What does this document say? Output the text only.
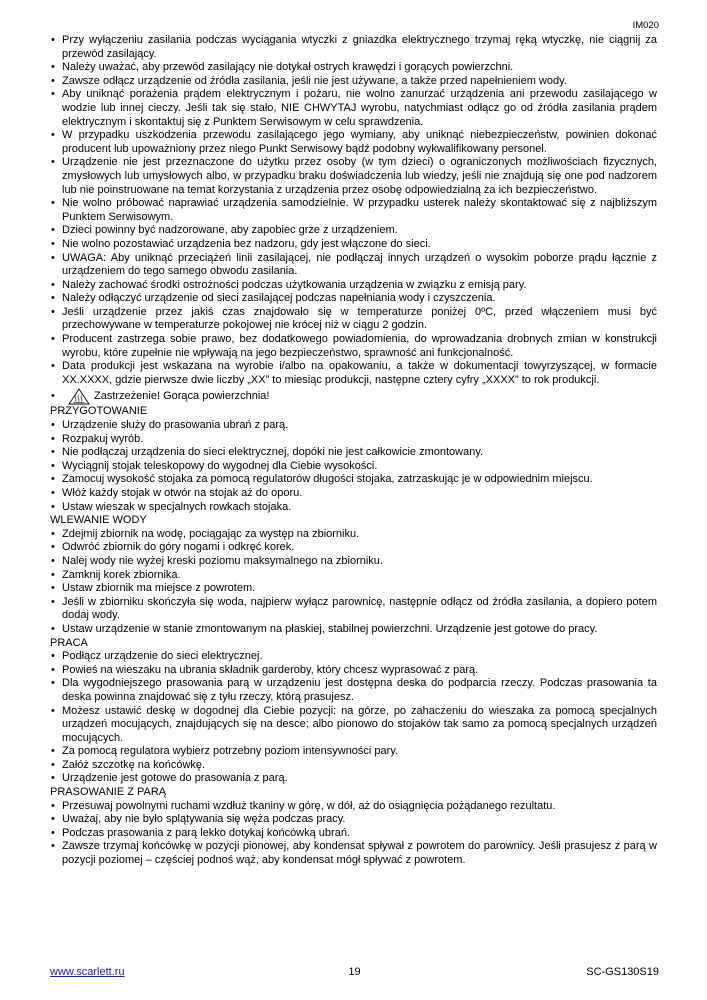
IM020
• Przy wyłączeniu zasilania podczas wyciągania wtyczki z gniazdka elektrycznego trzymaj ręką wtyczkę, nie ciągnij za przewód zasilający.
• Należy uważać, aby przewód zasilający nie dotykał ostrych krawędzi i gorących powierzchni.
• Zawsze odłącz urządzenie od źródła zasilania, jeśli nie jest używane, a także przed napełnieniem wody.
• Aby uniknąć porażenia prądem elektrycznym i pożaru, nie wolno zanurzać urządzenia ani przewodu zasilającego w wodzie lub innej cieczy. Jeśli tak się stało, NIE CHWYTAJ wyrobu, natychmiast odłącz go od źródła zasilania prądem elektrycznym i skontaktuj się z Punktem Serwisowym w celu sprawdzenia.
• W przypadku uszkodzenia przewodu zasilającego jego wymiany, aby uniknąć niebezpieczeństw, powinien dokonać producent lub upoważniony przez niego Punkt Serwisowy bądź podobny wykwalifikowany personel.
• Urządzenie nie jest przeznaczone do użytku przez osoby (w tym dzieci) o ograniczonych możliwościach fizycznych, zmysłowych lub umysłowych albo, w przypadku braku doświadczenia lub wiedzy, jeśli nie znajdują się one pod nadzorem lub nie poinstruowane na temat korzystania z urządzenia przez osobę odpowiedzialną za ich bezpieczeństwo.
• Nie wolno próbować naprawiać urządzenia samodzielnie. W przypadku usterek należy skontaktować się z najbliższym Punktem Serwisowym.
• Dzieci powinny być nadzorowane, aby zapobiec grze z urządzeniem.
• Nie wolno pozostawiać urządzenia bez nadzoru, gdy jest włączone do sieci.
• UWAGA: Aby uniknąć przeciążeń linii zasilającej, nie podłączaj innych urządzeń o wysokim poborze prądu łącznie z urządzeniem do tego samego obwodu zasilania.
• Należy zachować środki ostrożności podczas użytkowania urządzenia w związku z emisją pary.
• Należy odłączyć urządzenie od sieci zasilającej podczas napełniania wody i czyszczenia.
• Jeśli urządzenie przez jakiś czas znajdowało się w temperaturze poniżej 0ºC, przed włączeniem musi być przechowywane w temperaturze pokojowej nie krócej niż w ciągu 2 godzin.
• Producent zastrzega sobie prawo, bez dodatkowego powiadomienia, do wprowadzania drobnych zmian w konstrukcji wyrobu, które zupełnie nie wpływają na jego bezpieczeństwo, sprawność ani funkcjonalność.
• Data produkcji jest wskazana na wyrobie i/albo na opakowaniu, a także w dokumentacji towyrzyszącej, w formacie XX.XXXX, gdzie pierwsze dwie liczby „XX” to miesiąc produkcji, następne cztery cyfry „XXXX” to rok produkcji.
• Zastrzeżenie! Gorąca powierzchnia!
PRZYGOTOWANIE
• Urządzenie służy do prasowania ubrań z parą.
• Rozpakuj wyrób.
• Nie podłączaj urządzenia do sieci elektrycznej, dopóki nie jest całkowicie zmontowany.
• Wyciągnij stojak teleskopowy do wygodnej dla Ciebie wysokości.
• Zamocuj wysokość stojaka za pomocą regulatorów długości stojaka, zatrzaskując je w odpowiednim miejscu.
• Włóż każdy stojak w otwór na stojak aż do oporu.
• Ustaw wieszak w specjalnych rowkach stojaka.
WLEWANIE WODY
• Zdejmij zbiornik na wodę, pociągając za występ na zbiorniku.
• Odwróć zbiornik do góry nogami i odkręć korek.
• Nalej wody nie wyżej kreski poziomu maksymalnego na zbiorniku.
• Zamknij korek zbiornika.
• Ustaw zbiornik ma miejsce z powrotem.
• Jeśli w zbiorniku skończyła się woda, najpierw wyłącz parownicę, następnie odłącz od źródła zasilania, a dopiero potem dodaj wody.
• Ustaw urządzenie w stanie zmontowanym na płaskiej, stabilnej powierzchni. Urządzenie jest gotowe do pracy.
PRACA
• Podłącz urządzenie do sieci elektrycznej.
• Powieś na wieszaku na ubrania składnik garderoby, który chcesz wyprasować z parą.
• Dla wygodniejszego prasowania parą w urządzeniu jest dostępna deska do podparcia rzeczy. Podczas prasowania ta deska powinna znajdować się z tyłu rzeczy, którą prasujesz.
• Możesz ustawić deskę w dogodnej dla Ciebie pozycji: na górze, po zahaczeniu do wieszaka za pomocą specjalnych urządzeń mocujących, znajdujących się na desce; albo pionowo do stojaków tak samo za pomocą specjalnych urządzeń mocujących.
• Za pomocą regulatora wybierz potrzebny poziom intensywności pary.
• Załóż szczotkę na końcówkę.
• Urządzenie jest gotowe do prasowania z parą.
PRASOWANIE Z PARĄ
• Przesuwaj powolnymi ruchami wzdłuż tkaniny w górę, w dół, aż do osiągnięcia pożądanego rezultatu.
• Uważaj, aby nie było splątywania się węża podczas pracy.
• Podczas prasowania z parą lekko dotykaj końcówką ubrań.
• Zawsze trzymaj końcówkę w pozycji pionowej, aby kondensat spływał z powrotem do parownicy. Jeśli prasujesz z parą w pozycji poziomej – częściej podnoś wąż, aby kondensat mógł spływać z powrotem.
www.scarlett.ru	19	SC-GS130S19
